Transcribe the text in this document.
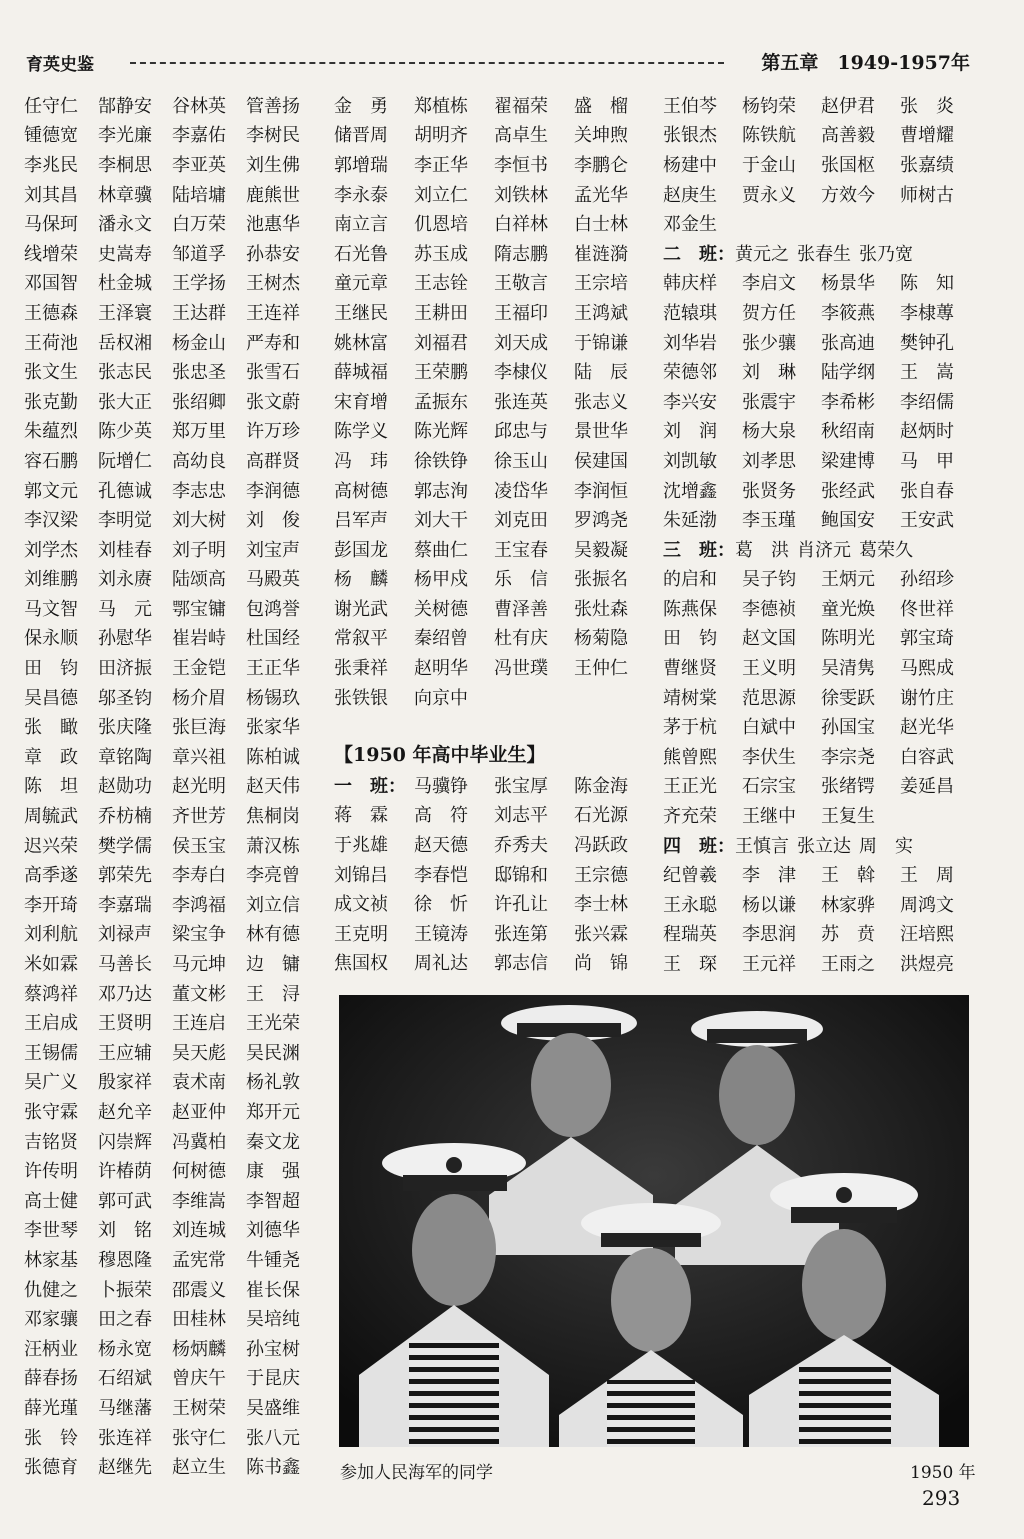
育英史鉴	第五章　1949-1957年
任守仁	郜静安	谷林英	管善扬
锺德宽	李光廉	李嘉佑	李树民
李兆民	李桐思	李亚英	刘生佛
刘其昌	林章骥	陆培墉	鹿熊世
马保珂	潘永文	白万荣	池惠华
线增荣	史嵩寿	邹道孚	孙恭安
邓国智	杜金城	王学扬	王树杰
王德森	王泽寰	王达群	王连祥
王荷池	岳权湘	杨金山	严寿和
张文生	张志民	张忠圣	张雪石
张克勤	张大正	张绍卿	张文蔚
朱蕴烈	陈少英	郑万里	许万珍
容石鹏	阮增仁	高幼良	高群贤
郭文元	孔德诚	李志忠	李润德
李汉梁	李明觉	刘大树	刘　俊
刘学杰	刘桂春	刘子明	刘宝声
刘维鹏	刘永赓	陆颂高	马殿英
马文智	马　元	鄂宝镛	包鸿誉
保永顺	孙慰华	崔岩峙	杜国经
田　钧	田济振	王金铠	王正华
吴昌德	邬圣钧	杨介眉	杨锡玖
张　瞰	张庆隆	张巨海	张家华
章　政	章铭陶	章兴祖	陈柏诚
陈　坦	赵勋功	赵光明	赵天伟
周毓武	乔枋楠	齐世芳	焦桐岗
迟兴荣	樊学儒	侯玉宝	萧汉栋
高季遂	郭荣先	李寿白	李亮曾
李开琦	李嘉瑞	李鸿福	刘立信
刘利航	刘禄声	梁宝争	林有德
米如霖	马善长	马元坤	边　镛
蔡鸿祥	邓乃达	董文彬	王　浔
王启成	王贤明	王连启	王光荣
王锡儒	王应辅	吴天彪	吴民渊
吴广义	殷家祥	袁术南	杨礼敦
张守霖	赵允辛	赵亚仲	郑开元
吉铭贤	闪崇辉	冯冀柏	秦文龙
许传明	许椿荫	何树德	康　强
高士健	郭可武	李维嵩	李智超
李世琴	刘　铭	刘连城	刘德华
林家基	穆恩隆	孟宪常	牛锺尧
仇健之	卜振荣	邵震义	崔长保
邓家骧	田之春	田桂林	吴培纯
汪柄业	杨永宽	杨炳麟	孙宝树
薛春扬	石绍斌	曾庆午	于昆庆
薛光瑾	马继藩	王树荣	吴盛维
张　铃	张连祥	张守仁	张八元
张德育	赵继先	赵立生	陈书鑫
金　勇	郑植栋	翟福荣	盛　榴
储晋周	胡明齐	高卓生	关坤煦
郭增瑞	李正华	李恒书	李鹏仑
李永泰	刘立仁	刘铁林	孟光华
南立言	仉恩培	白祥林	白士林
石光鲁	苏玉成	隋志鹏	崔涟漪
童元章	王志铨	王敬言	王宗培
王继民	王耕田	王福印	王鸿斌
姚林富	刘福君	刘天成	于锦谦
薛城福	王荣鹏	李棣仪	陆　辰
宋育增	孟振东	张连英	张志义
陈学义	陈光辉	邱忠与	景世华
冯　玮	徐铁铮	徐玉山	侯建国
高树德	郭志洵	凌岱华	李润恒
吕军声	刘大干	刘克田	罗鸿尧
彭国龙	蔡曲仁	王宝春	吴毅凝
杨　麟	杨甲戍	乐　信	张振名
谢光武	关树德	曹泽善	张灶森
常叙平	秦绍曾	杜有庆	杨菊隐
张秉祥	赵明华	冯世璞	王仲仁
张铁银	向京中
王伯芩	杨钧荣	赵伊君	张　炎
张银杰	陈铁航	高善毅	曹增耀
杨建中	于金山	张国枢	张嘉绩
赵庚生	贾永义	方效今	师树古
邓金生
二　班： 黄元之 张春生 张乃宽
韩庆样	李启文	杨景华	陈　知
范辕琪	贺方任	李筱燕	李棣蓴
刘华岩	张少骧	张高迪	樊钟孔
荣德邻	刘　琳	陆学纲	王　嵩
李兴安	张震宇	李希彬	李绍儒
刘　润	杨大泉	秋绍南	赵炳时
刘凯敏	刘孝思	梁建博	马　甲
沈增鑫	张贤务	张经武	张自春
朱延渤	李玉瑾	鲍国安	王安武
三　班： 葛　洪 肖济元 葛荣久
的启和	吴子钧	王炳元	孙绍珍
陈燕保	李德祯	童光焕	佟世祥
田　钧	赵文国	陈明光	郭宝琦
曹继贤	王义明	吴清隽	马熙成
靖树棠	范思源	徐雯跃	谢竹庄
茅于杭	白斌中	孙国宝	赵光华
熊曾熙	李伏生	李宗尧	白容武
王正光	石宗宝	张绪锷	姜延昌
齐充荣	王继中	王复生
四　班： 王慎言 张立达 周　实
纪曾羲	李　津	王　斡	王　周
王永聪	杨以谦	林家骅	周鸿文
程瑞英	李思润	苏　贲	汪培熙
王　琛	王元祥	王雨之	洪煜亮
【1950 年高中毕业生】
一　班： 马骥铮	张宝厚	陈金海
蒋　霖	高　符	刘志平	石光源
于兆雄	赵天德	乔秀夫	冯跃政
刘锦吕	李春恺	邸锦和	王宗德
成文祯	徐　忻	许孔让	李士林
王克明	王镜涛	张连第	张兴霖
焦国权	周礼达	郭志信	尚　锦
参加人民海军的同学	1950 年
293
